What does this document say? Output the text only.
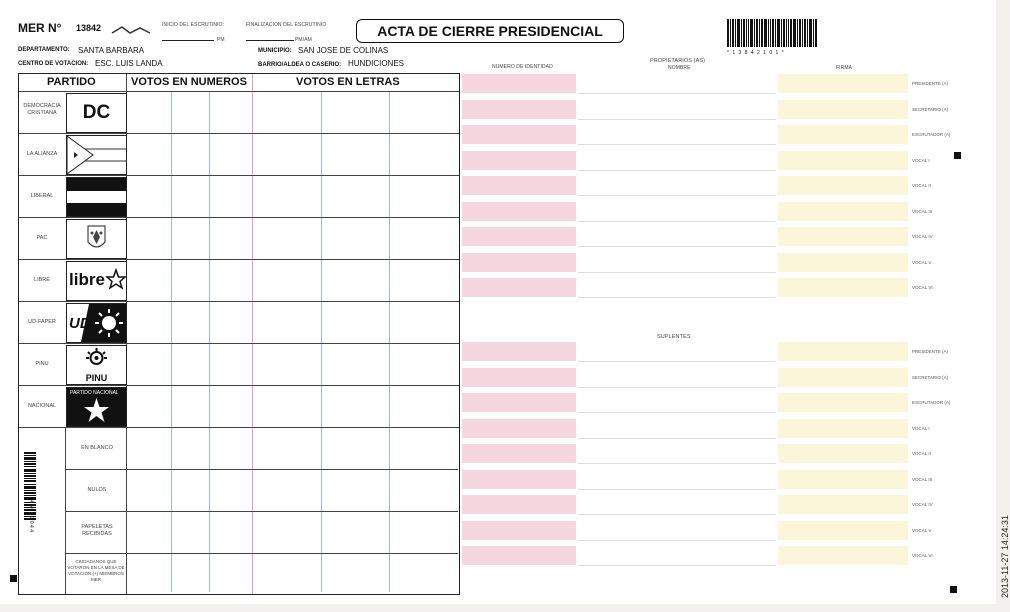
MER N° 13842	INICIO DEL ESCRUTINIO:
PM
FINALIZACION DEL ESCRUTINIO
PM/AM
ACTA DE CIERRE PRESIDENCIAL
* 1 3 8 4 2 1 0 1 *
DEPARTAMENTO: SANTA BARBARA	MUNICIPIO: SAN JOSE DE COLINAS
CENTRO DE VOTACION: ESC. LUIS LANDA	BARRIO/ALDEA O CASERIO: HUNDICIONES
PARTIDO	VOTOS EN NUMEROS	VOTOS EN LETRAS
DEMOCRACIA CRISTIANA	DC
LA ALIANZA
LIBERAL
PAC
LIBRE	libre
UD-FAPER UD
PINU
PINU
NACIONAL
PARTIDO NACIONAL
EN BLANCO
NULOS
PAPELETAS RECIBIDAS
CIUDADANOS QUE VOTARON EN LA MESA DE VOTACIÓN (+) MIEMBROS MER
4 5 6 2 1 0 4 4
NUMERO DE IDENTIDAD
PROPIETARIOS (AS)
NOMBRE	FIRMA
PRESIDENTE (A)
SECRETARIO (A)
ESCRUTADOR (A)
VOCAL I
VOCAL II
VOCAL III
VOCAL IV
VOCAL V
VOCAL VI
SUPLENTES
PRESIDENTE (A)
SECRETARIO (A)
ESCRUTADOR (A)
VOCAL I
VOCAL II
VOCAL III
VOCAL IV
VOCAL V
VOCAL VI
.
2013-11-27 14:24:31
